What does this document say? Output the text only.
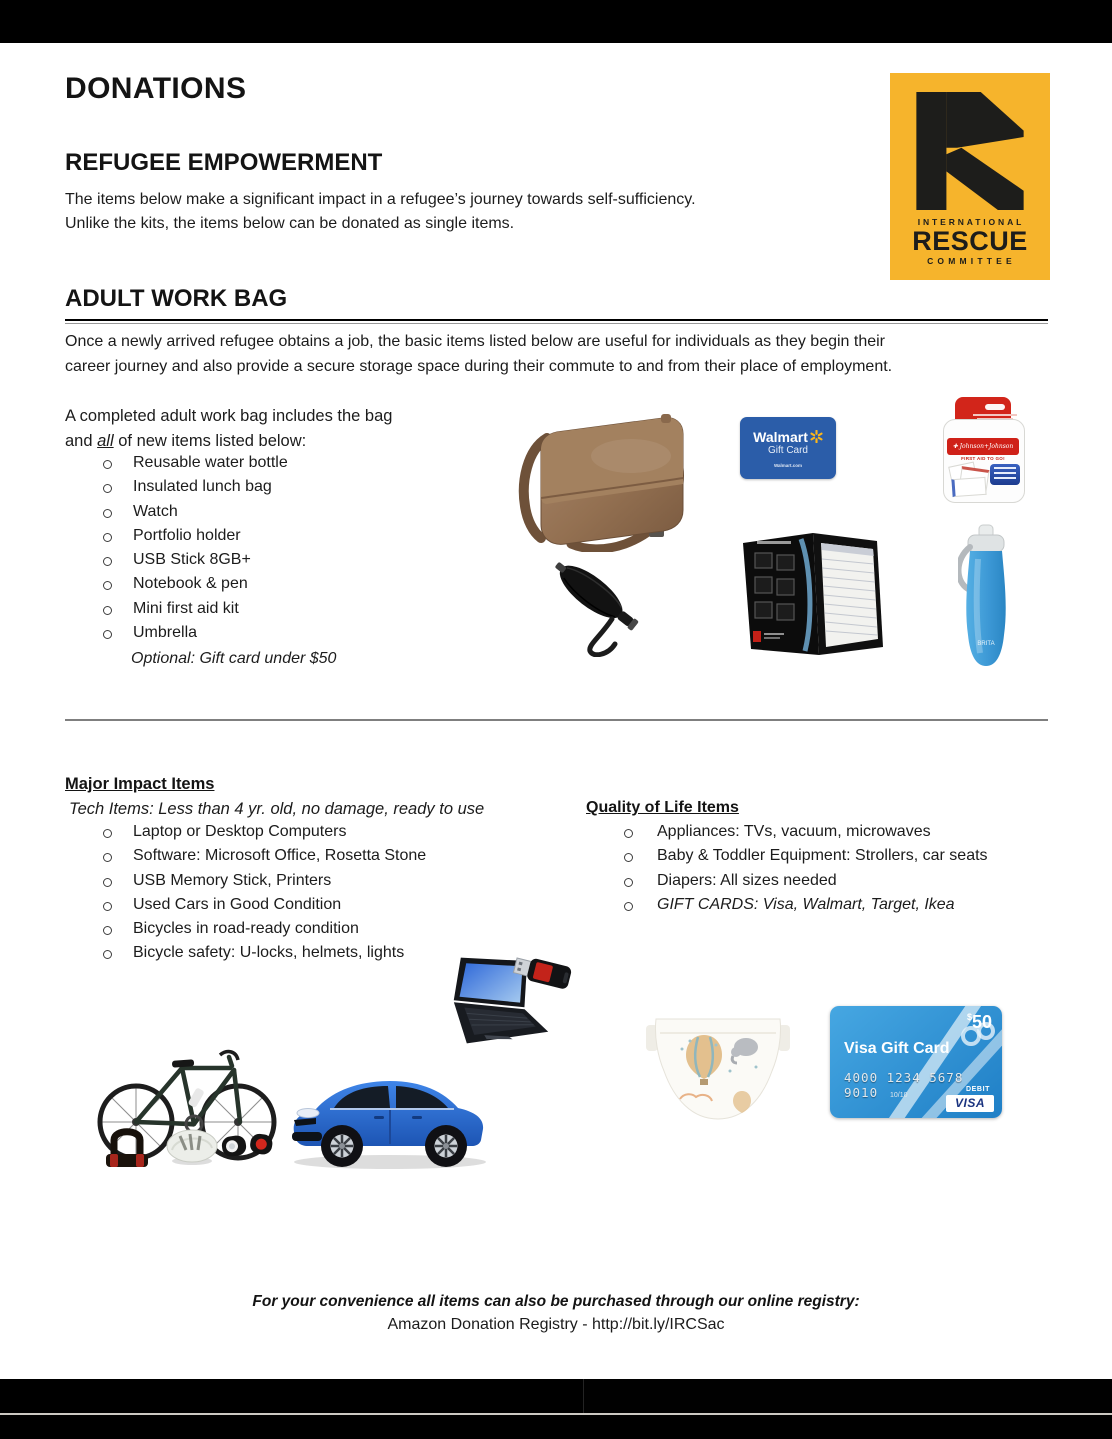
DONATIONS
INTERNATIONAL
RESCUE
COMMITTEE
REFUGEE EMPOWERMENT
The items below make a significant impact in a refugee’s journey towards self-sufficiency.
Unlike the kits, the items below can be donated as single items.
ADULT WORK BAG
Once a newly arrived refugee obtains a job, the basic items listed below are useful for individuals as they begin their
career journey and also provide a secure storage space during their commute to and from their place of employment.
A completed adult work bag includes the bag
and all of new items listed below:
Reusable water bottle
Insulated lunch bag
Watch
Portfolio holder
USB Stick 8GB+
Notebook & pen
Mini first aid kit
Umbrella
Optional: Gift card under $50
Walmart
Gift Card
Walmart.com
✚ Johnson+Johnson
FIRST AID TO GO!
BRITA
Major Impact Items
Tech Items: Less than 4 yr. old, no damage, ready to use
Laptop or Desktop Computers
Software: Microsoft Office, Rosetta Stone
USB Memory Stick, Printers
Used Cars in Good Condition
Bicycles in road-ready condition
Bicycle safety: U-locks, helmets, lights
Quality of Life Items
Appliances: TVs, vacuum, microwaves
Baby & Toddler Equipment: Strollers, car seats
Diapers: All sizes needed
GIFT CARDS: Visa, Walmart, Target, Ikea
$50
Visa Gift Card
4000 1234 5678 9010	10/10
DEBIT
VISA
For your convenience all items can also be purchased through our online registry:
Amazon Donation Registry - http://bit.ly/IRCSac
